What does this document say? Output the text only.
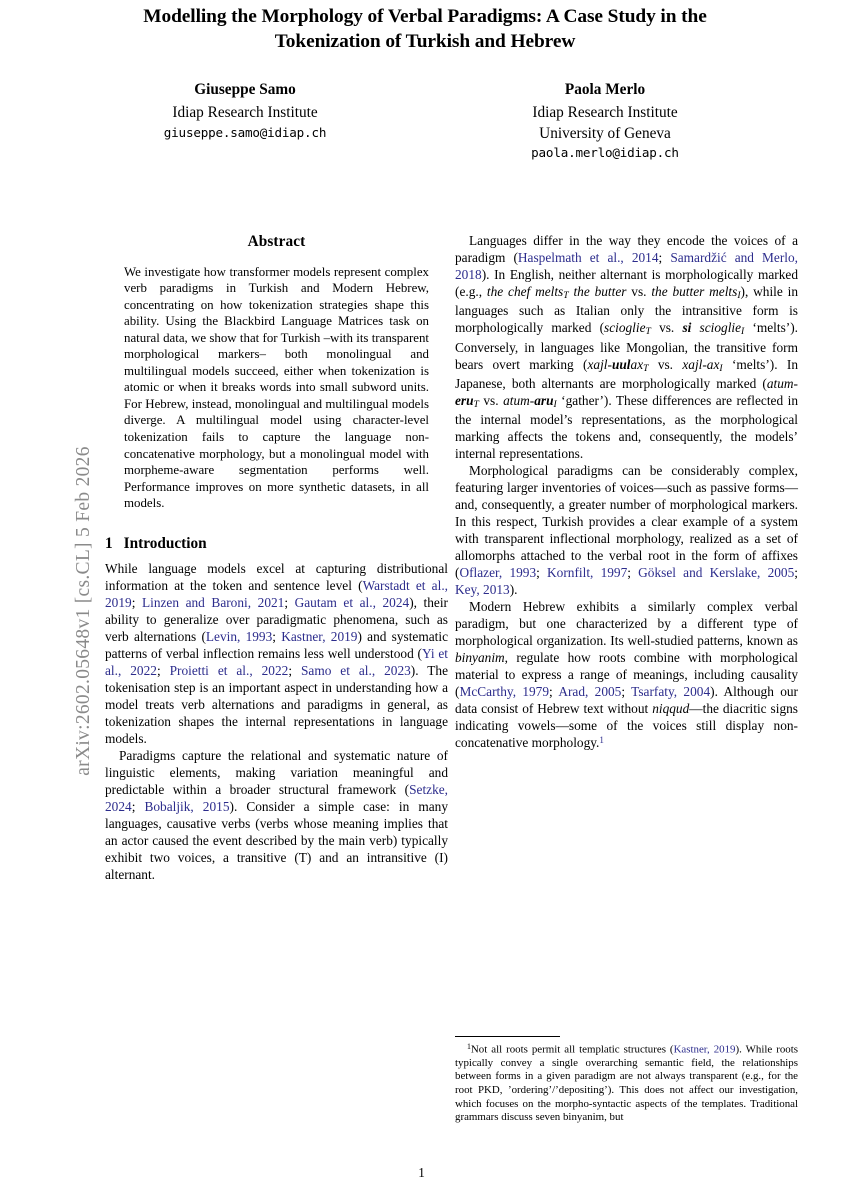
arXiv:2602.05648v1 [cs.CL] 5 Feb 2026
Modelling the Morphology of Verbal Paradigms: A Case Study in the Tokenization of Turkish and Hebrew
Giuseppe Samo
Idiap Research Institute
giuseppe.samo@idiap.ch
Paola Merlo
Idiap Research Institute
University of Geneva
paola.merlo@idiap.ch
Abstract

We investigate how transformer models represent complex verb paradigms in Turkish and Modern Hebrew, concentrating on how tokenization strategies shape this ability. Using the Blackbird Language Matrices task on natural data, we show that for Turkish –with its transparent morphological markers– both monolingual and multilingual models succeed, either when tokenization is atomic or when it breaks words into small subword units. For Hebrew, instead, monolingual and multilingual models diverge. A multilingual model using character-level tokenization fails to capture the language non-concatenative morphology, but a monolingual model with morpheme-aware segmentation performs well. Performance improves on more synthetic datasets, in all models.

1 Introduction

While language models excel at capturing distributional information at the token and sentence level (Warstadt et al., 2019; Linzen and Baroni, 2021; Gautam et al., 2024), their ability to generalize over paradigmatic phenomena, such as verb alternations (Levin, 1993; Kastner, 2019) and systematic patterns of verbal inflection remains less well understood (Yi et al., 2022; Proietti et al., 2022; Samo et al., 2023). The tokenisation step is an important aspect in understanding how a model treats verb alternations and paradigms in general, as tokenization shapes the internal representations in language models.

Paradigms capture the relational and systematic nature of linguistic elements, making variation meaningful and predictable within a broader structural framework (Setzke, 2024; Bobaljik, 2015). Consider a simple case: in many languages, causative verbs (verbs whose meaning implies that an actor caused the event described by the main verb) typically exhibit two voices, a transitive (T) and an intransitive (I) alternant.

Languages differ in the way they encode the voices of a paradigm (Haspelmath et al., 2014; Samardžić and Merlo, 2018). In English, neither alternant is morphologically marked (e.g., the chef melts$_T$ the butter vs. the butter melts$_I$), while in languages such as Italian only the intransitive form is morphologically marked (scioglie$_T$ vs. si scioglie$_I$ ‘melts’). Conversely, in languages like Mongolian, the transitive form bears overt marking (xajl-uulax$_T$ vs. xajl-$ax_I$ ‘melts’). In Japanese, both alternants are morphologically marked (atum-eru$_T$ vs. atum-aru$_I$ ‘gather’). These differences are reflected in the internal model’s representations, as the morphological marking affects the tokens and, consequently, the models’ internal representations.

Morphological paradigms can be considerably complex, featuring larger inventories of voices—such as passive forms—and, consequently, a greater number of morphological markers. In this respect, Turkish provides a clear example of a system with transparent inflectional morphology, realized as a set of allomorphs attached to the verbal root in the form of affixes (Oflazer, 1993; Kornfilt, 1997; Göksel and Kerslake, 2005; Key, 2013).

Modern Hebrew exhibits a similarly complex verbal paradigm, but one characterized by a different type of morphological organization. Its well-studied patterns, known as binyanim, regulate how roots combine with morphological material to express a range of meanings, including causality (McCarthy, 1979; Arad, 2005; Tsarfaty, 2004). Although our data consist of Hebrew text without niqqud—the diacritic signs indicating vowels—some of the voices still display non-concatenative morphology.$^1$

$^1$Not all roots permit all templatic structures (Kastner, 2019). While roots typically convey a single overarching semantic field, the relationships between forms in a given paradigm are not always transparent (e.g., for the root PKD, ’ordering’/’depositing’). This does not affect our investigation, which focuses on the morpho-syntactic aspects of the templates. Traditional grammars discuss seven binyanim, but

1
